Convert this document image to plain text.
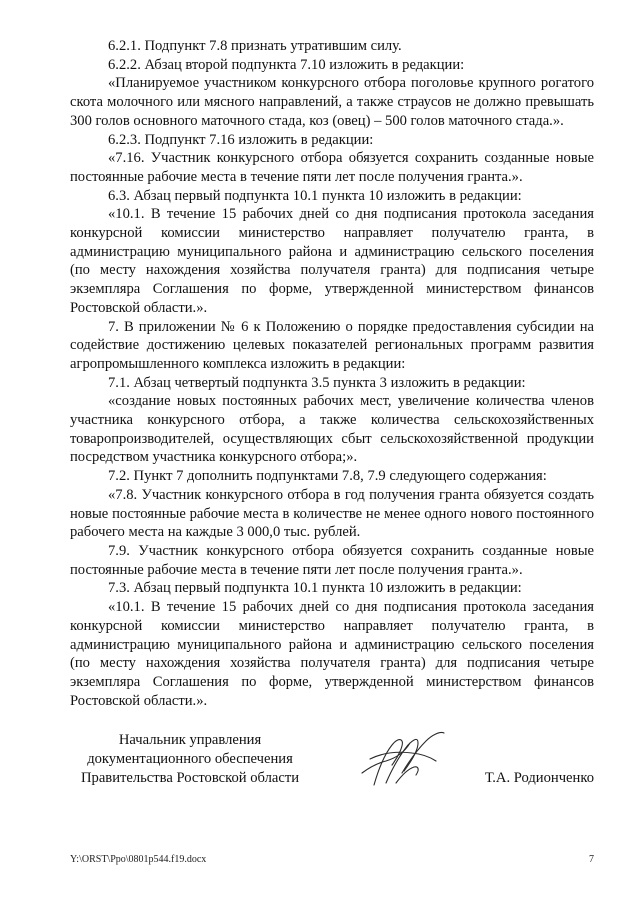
6.2.1. Подпункт 7.8 признать утратившим силу.

6.2.2. Абзац второй подпункта 7.10 изложить в редакции:

«Планируемое участником конкурсного отбора поголовье крупного рогатого скота молочного или мясного направлений, а также страусов не должно превышать 300 голов основного маточного стада, коз (овец) – 500 голов маточного стада.».

6.2.3. Подпункт 7.16 изложить в редакции:

«7.16. Участник конкурсного отбора обязуется сохранить созданные новые постоянные рабочие места в течение пяти лет после получения гранта.».

6.3. Абзац первый подпункта 10.1 пункта 10 изложить в редакции:

«10.1. В течение 15 рабочих дней со дня подписания протокола заседания конкурсной комиссии министерство направляет получателю гранта, в администрацию муниципального района и администрацию сельского поселения (по месту нахождения хозяйства получателя гранта) для подписания четыре экземпляра Соглашения по форме, утвержденной министерством финансов Ростовской области.».

7. В приложении № 6 к Положению о порядке предоставления субсидии на содействие достижению целевых показателей региональных программ развития агропромышленного комплекса изложить в редакции:

7.1. Абзац четвертый подпункта 3.5 пункта 3 изложить в редакции:

«создание новых постоянных рабочих мест, увеличение количества членов участника конкурсного отбора, а также количества сельскохозяйственных товаропроизводителей, осуществляющих сбыт сельскохозяйственной продукции посредством участника конкурсного отбора;».

7.2. Пункт 7 дополнить подпунктами 7.8, 7.9 следующего содержания:

«7.8. Участник конкурсного отбора в год получения гранта обязуется создать новые постоянные рабочие места в количестве не менее одного нового постоянного рабочего места на каждые 3 000,0 тыс. рублей.

7.9. Участник конкурсного отбора обязуется сохранить созданные новые постоянные рабочие места в течение пяти лет после получения гранта.».

7.3. Абзац первый подпункта 10.1 пункта 10 изложить в редакции:

«10.1. В течение 15 рабочих дней со дня подписания протокола заседания конкурсной комиссии министерство направляет получателю гранта, в администрацию муниципального района и администрацию сельского поселения (по месту нахождения хозяйства получателя гранта) для подписания четыре экземпляра Соглашения по форме, утвержденной министерством финансов Ростовской области.».

Начальник управления
документационного обеспечения
Правительства Ростовской области	Т.А. Родионченко
Y:\ORST\Ppo\0801p544.f19.docx	7
